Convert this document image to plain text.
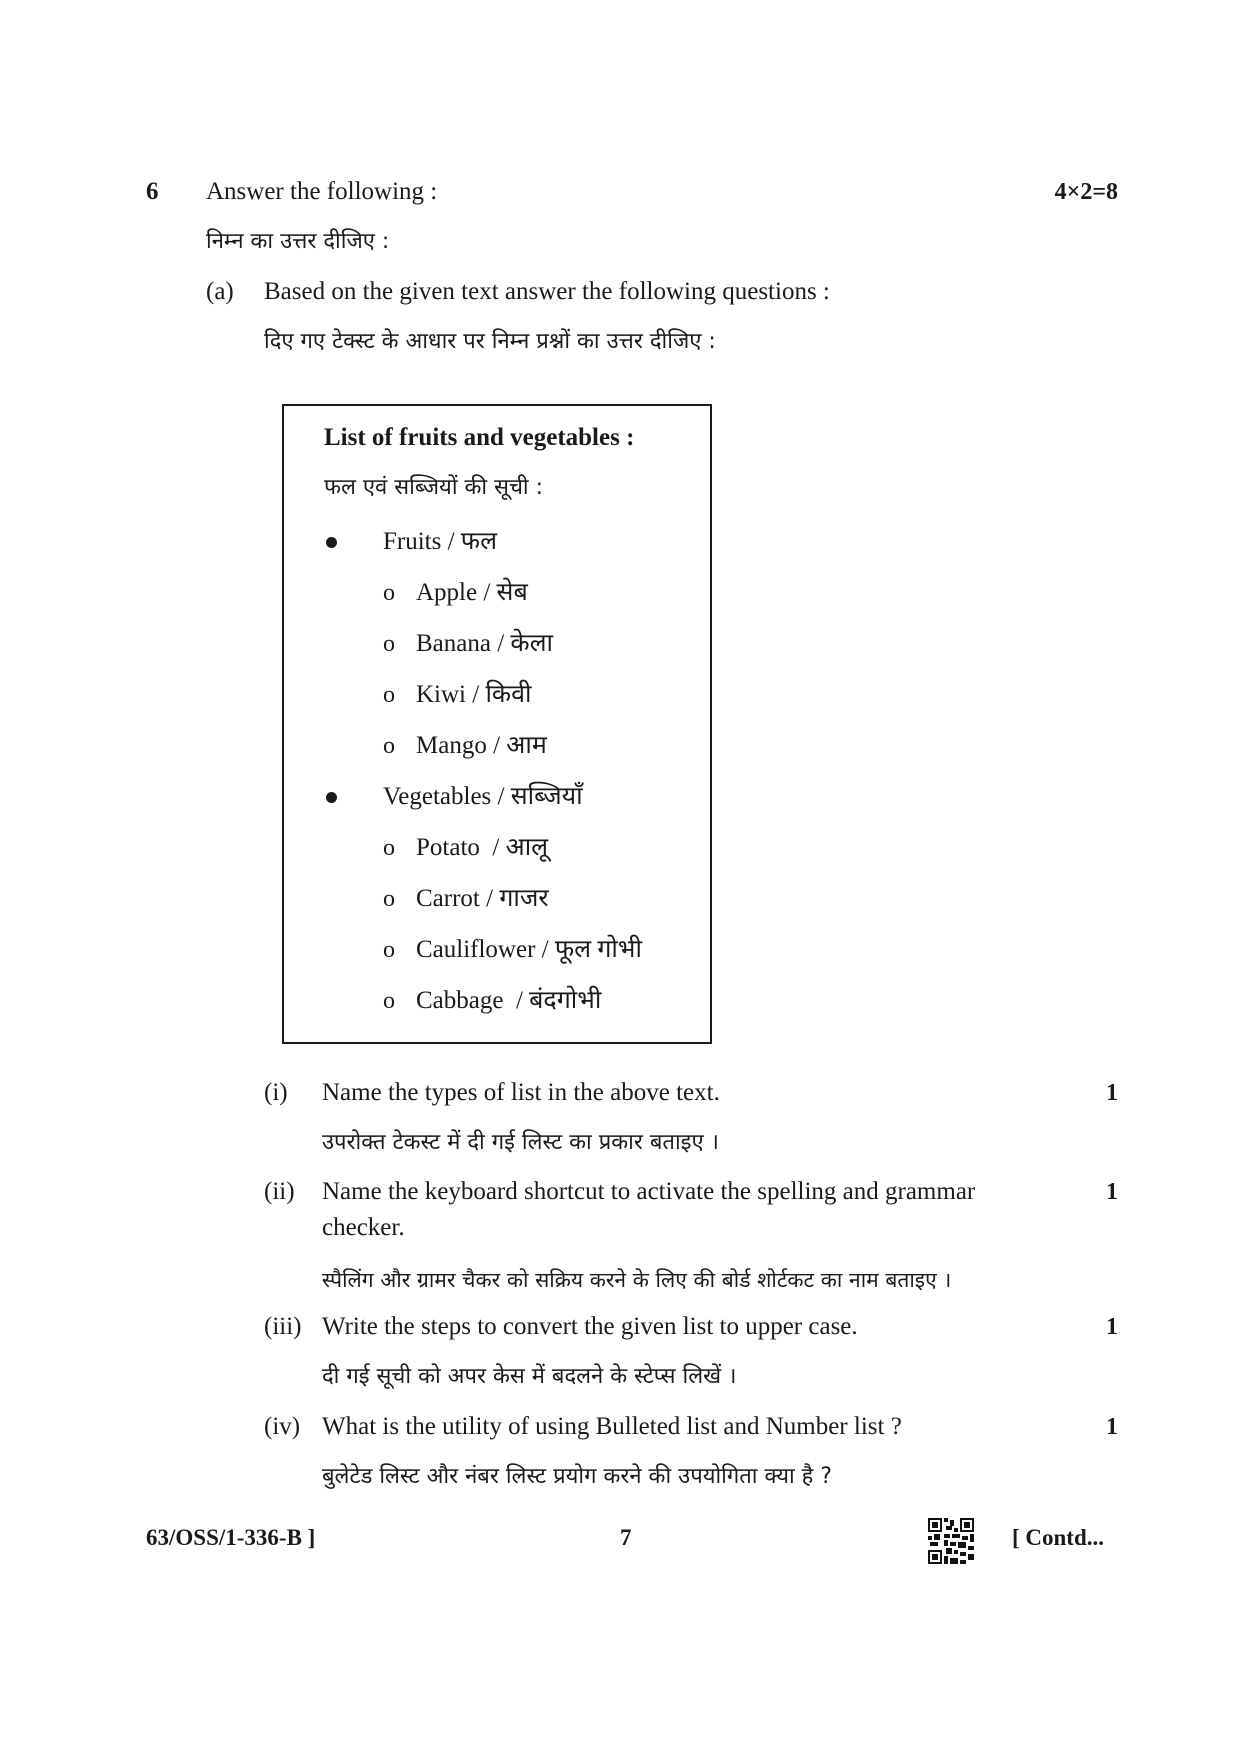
6 Answer the following :	4×2=8
निम्न का उत्तर दीजिए :
(a) Based on the given text answer the following questions :
दिए गए टेक्स्ट के आधार पर निम्न प्रश्नों का उत्तर दीजिए :
List of fruits and vegetables :
फल एवं सब्जियों की सूची :
Fruits / फल
o Apple / सेब
o Banana / केला
o Kiwi / किवी
o Mango / आम
Vegetables / सब्जियाँ
o Potato  / आलू
o Carrot / गाजर
o Cauliflower / फूल गोभी
o Cabbage  / बंदगोभी
(i) Name the types of list in the above text.	1
उपरोक्त टेकस्ट में दी गई लिस्ट का प्रकार बताइए ।
(ii) Name the keyboard shortcut to activate the spelling and grammar	1
checker.
स्पैलिंग और ग्रामर चैकर को सक्रिय करने के लिए की बोर्ड शोर्टकट का नाम बताइए ।
(iii) Write the steps to convert the given list to upper case.	1
दी गई सूची को अपर केस में बदलने के स्टेप्स लिखें ।
(iv) What is the utility of using Bulleted list and Number list ?	1
बुलेटेड लिस्ट और नंबर लिस्ट प्रयोग करने की उपयोगिता क्या है ?
63/OSS/1-336-B ]	7	[ Contd...
